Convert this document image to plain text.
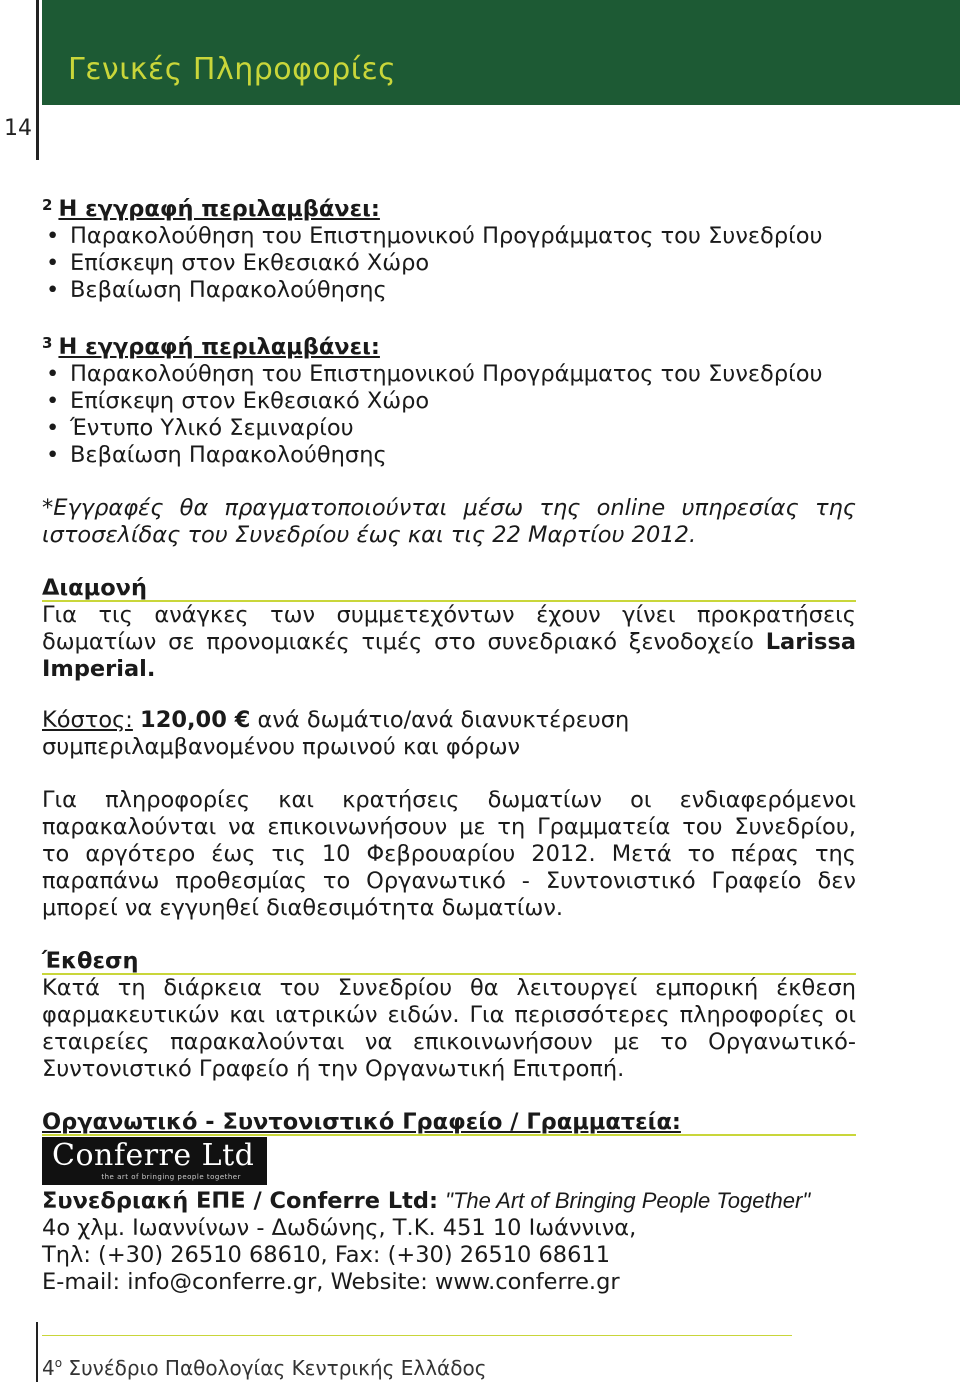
Γενικές Πληροφορίες
14
$^2$ Η εγγραφή περιλαμβάνει:
• Παρακολούθηση του Επιστημονικού Προγράμματος του Συνεδρίου
• Επίσκεψη στον Εκθεσιακό Χώρο
• Βεβαίωση Παρακολούθησης
$^3$ Η εγγραφή περιλαμβάνει:
• Παρακολούθηση του Επιστημονικού Προγράμματος του Συνεδρίου
• Επίσκεψη στον Εκθεσιακό Χώρο
• Έντυπο Υλικό Σεμιναρίου
• Βεβαίωση Παρακολούθησης
*Εγγραφές θα πραγματοποιούνται μέσω της online υπηρεσίας της ιστοσελίδας του Συνεδρίου έως και τις 22 Μαρτίου 2012.
Διαμονή
Για τις ανάγκες των συμμετεχόντων έχουν γίνει προκρατήσεις δωματίων σε προνομιακές τιμές στο συνεδριακό ξενοδοχείο Larissa Imperial.
Κόστος: 120,00 € ανά δωμάτιο/ανά διανυκτέρευση συμπεριλαμβανομένου πρωινού και φόρων
Για πληροφορίες και κρατήσεις δωματίων οι ενδιαφερόμενοι παρακαλούνται να επικοινωνήσουν με τη Γραμματεία του Συνεδρίου, το αργότερο έως τις 10 Φεβρουαρίου 2012. Μετά το πέρας της παραπάνω προθεσμίας το Οργανωτικό - Συντονιστικό Γραφείο δεν μπορεί να εγγυηθεί διαθεσιμότητα δωματίων.
Έκθεση
Κατά τη διάρκεια του Συνεδρίου θα λειτουργεί εμπορική έκθεση φαρμακευτικών και ιατρικών ειδών. Για περισσότερες πληροφορίες οι εταιρείες παρακαλούνται να επικοινωνήσουν με το Οργανωτικό-Συντονιστικό Γραφείο ή την Οργανωτική Επιτροπή.
Οργανωτικό - Συντονιστικό Γραφείο / Γραμματεία:
Conferre Ltd
the art of bringing people together
Συνεδριακή ΕΠΕ / Conferre Ltd: "The Art of Bringing People Together"
4ο χλμ. Ιωαννίνων - Δωδώνης, Τ.Κ. 451 10 Ιωάννινα,
Τηλ: (+30) 26510 68610, Fax: (+30) 26510 68611
E-mail: info@conferre.gr, Website: www.conferre.gr
4$^o$ Συνέδριο Παθολογίας Κεντρικής Ελλάδος
